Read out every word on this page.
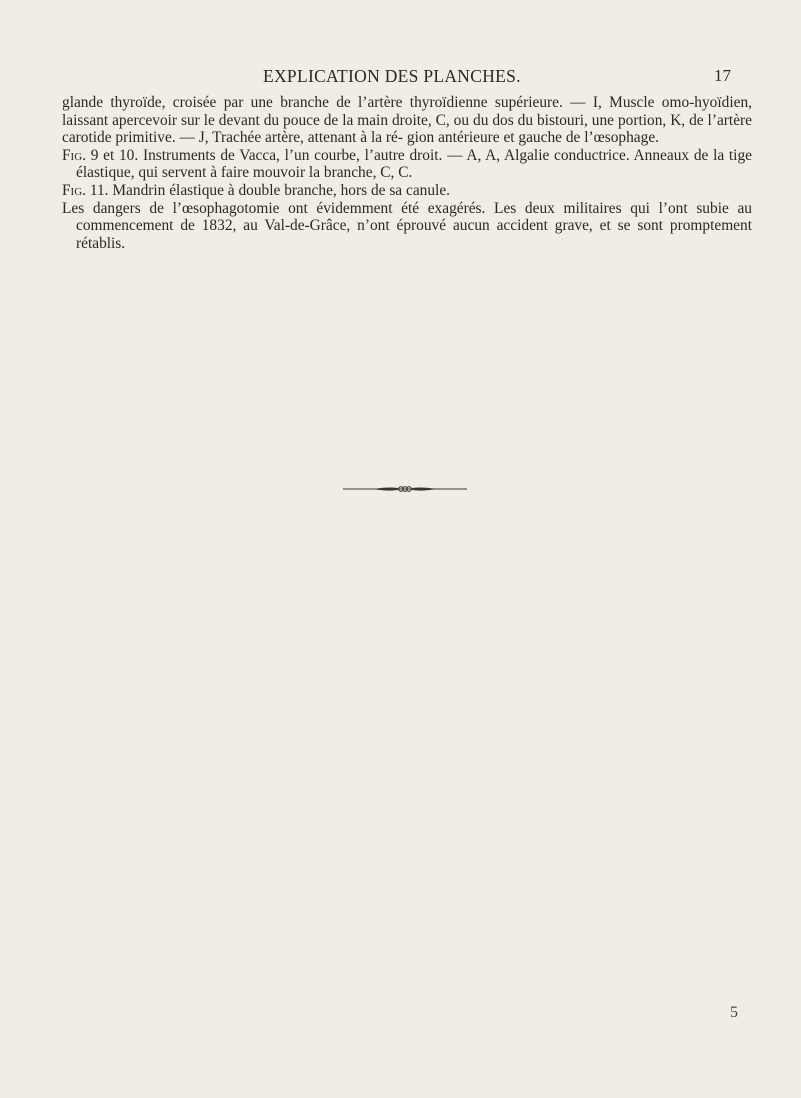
EXPLICATION DES PLANCHES.	17

glande thyroïde, croisée par une branche de l’artère thyroïdienne supérieure. — I, Muscle omo-hyoïdien, laissant apercevoir sur le devant du pouce de la main droite, C, ou du dos du bistouri, une portion, K, de l’artère carotide primitive. — J, Trachée artère, attenant à la ré- gion antérieure et gauche de l’œsophage.

Fig. 9 et 10. Instruments de Vacca, l’un courbe, l’autre droit. — A, A, Algalie conductrice. Anneaux de la tige élastique, qui servent à faire mouvoir la branche, C, C.

Fig. 11. Mandrin élastique à double branche, hors de sa canule.

Les dangers de l’œsophagotomie ont évidemment été exagérés. Les deux militaires qui l’ont subie au commencement de 1832, au Val-de-Grâce, n’ont éprouvé aucun accident grave, et se sont promptement rétablis.

5
